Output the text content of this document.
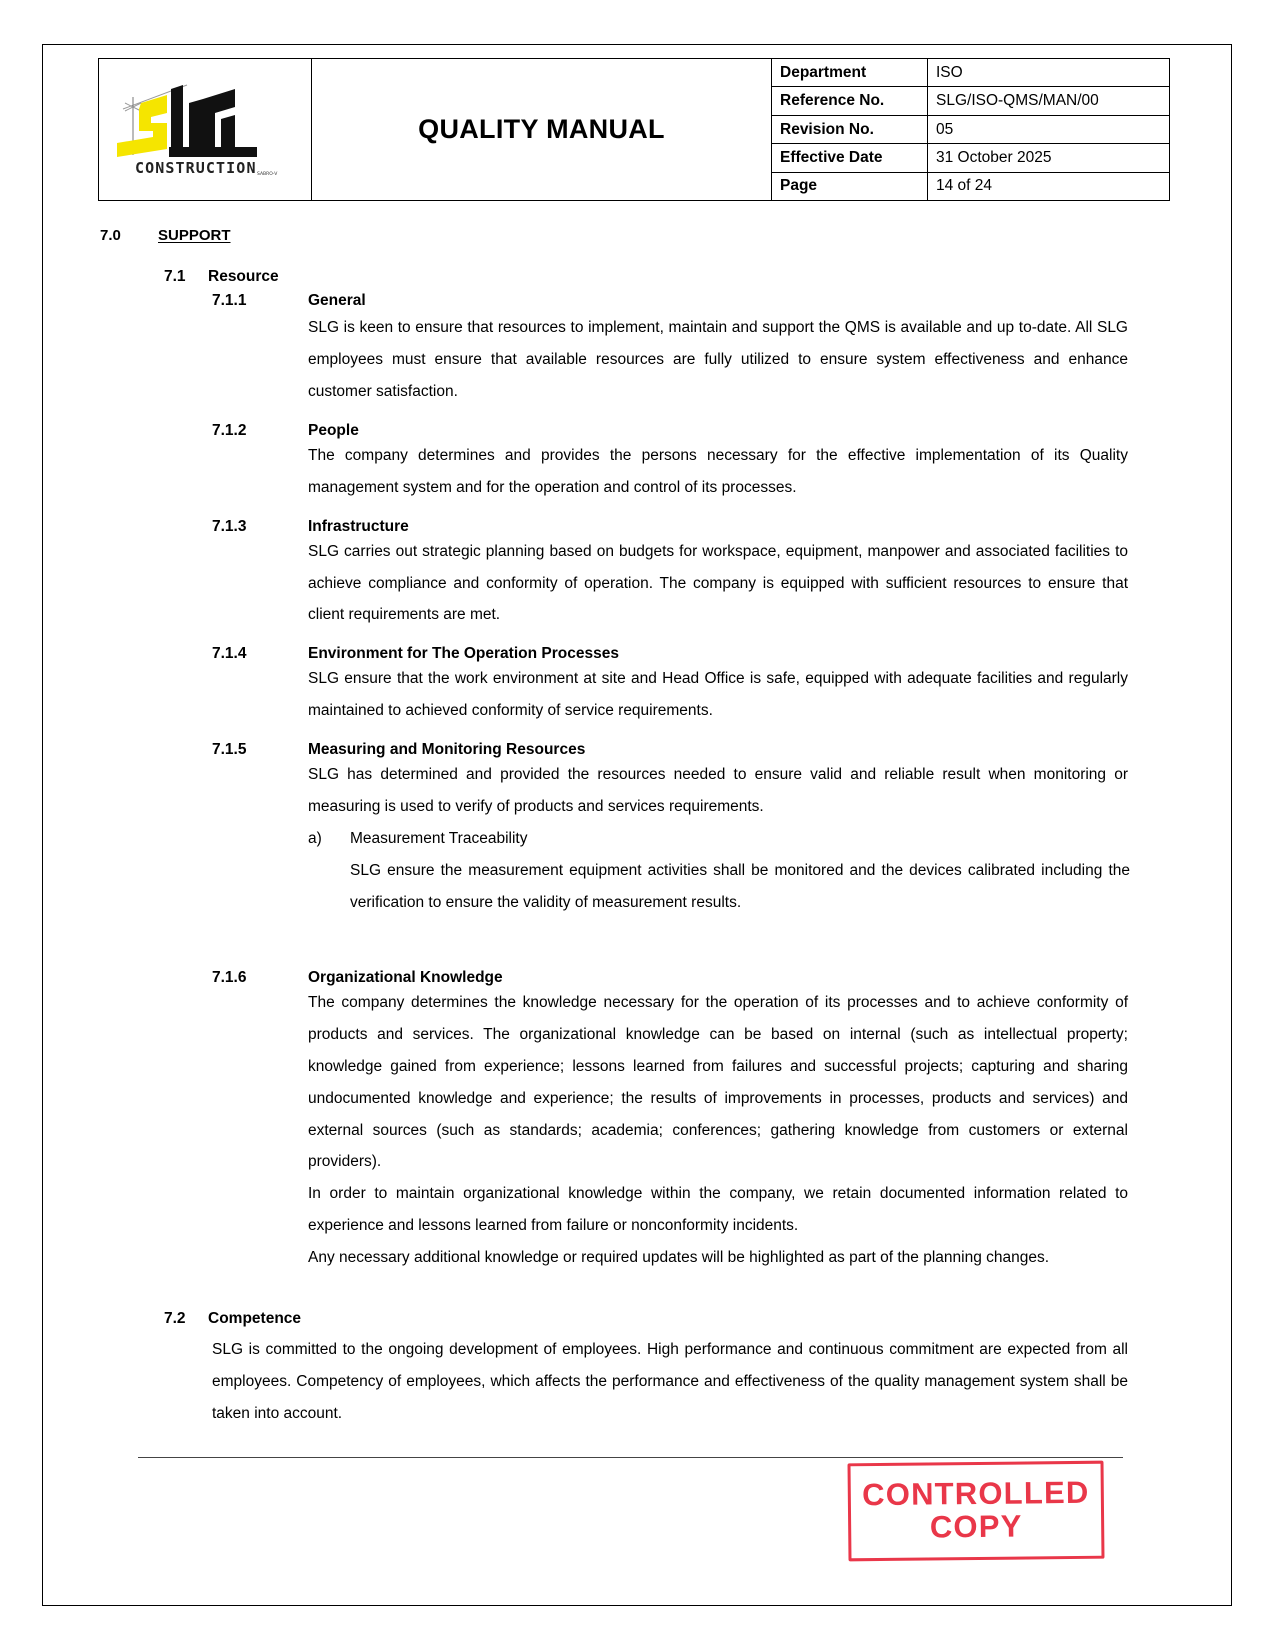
CONSTRUCTION SABRO-V
QUALITY MANUAL
Department	ISO
Reference No.	SLG/ISO-QMS/MAN/00
Revision No.	05
Effective Date	31 October 2025
Page	14 of 24
7.0	SUPPORT
7.1	Resource
7.1.1	General
SLG is keen to ensure that resources to implement, maintain and support the QMS is available and up to-date. All SLG employees must ensure that available resources are fully utilized to ensure system effectiveness and enhance customer satisfaction.
7.1.2	People
The company determines and provides the persons necessary for the effective implementation of its Quality management system and for the operation and control of its processes.
7.1.3	Infrastructure
SLG carries out strategic planning based on budgets for workspace, equipment, manpower and associated facilities to achieve compliance and conformity of operation. The company is equipped with sufficient resources to ensure that client requirements are met.
7.1.4	Environment for The Operation Processes
SLG ensure that the work environment at site and Head Office is safe, equipped with adequate facilities and regularly maintained to achieved conformity of service requirements.
7.1.5	Measuring and Monitoring Resources
SLG has determined and provided the resources needed to ensure valid and reliable result when monitoring or measuring is used to verify of products and services requirements.
a)	Measurement Traceability
SLG ensure the measurement equipment activities shall be monitored and the devices calibrated including the verification to ensure the validity of measurement results.
7.1.6	Organizational Knowledge
The company determines the knowledge necessary for the operation of its processes and to achieve conformity of products and services. The organizational knowledge can be based on internal (such as intellectual property; knowledge gained from experience; lessons learned from failures and successful projects; capturing and sharing undocumented knowledge and experience; the results of improvements in processes, products and services) and external sources (such as standards; academia; conferences; gathering knowledge from customers or external providers).
In order to maintain organizational knowledge within the company, we retain documented information related to experience and lessons learned from failure or nonconformity incidents.
Any necessary additional knowledge or required updates will be highlighted as part of the planning changes.
7.2	Competence
SLG is committed to the ongoing development of employees. High performance and continuous commitment are expected from all employees. Competency of employees, which affects the performance and effectiveness of the quality management system shall be taken into account.
CONTROLLED
COPY
